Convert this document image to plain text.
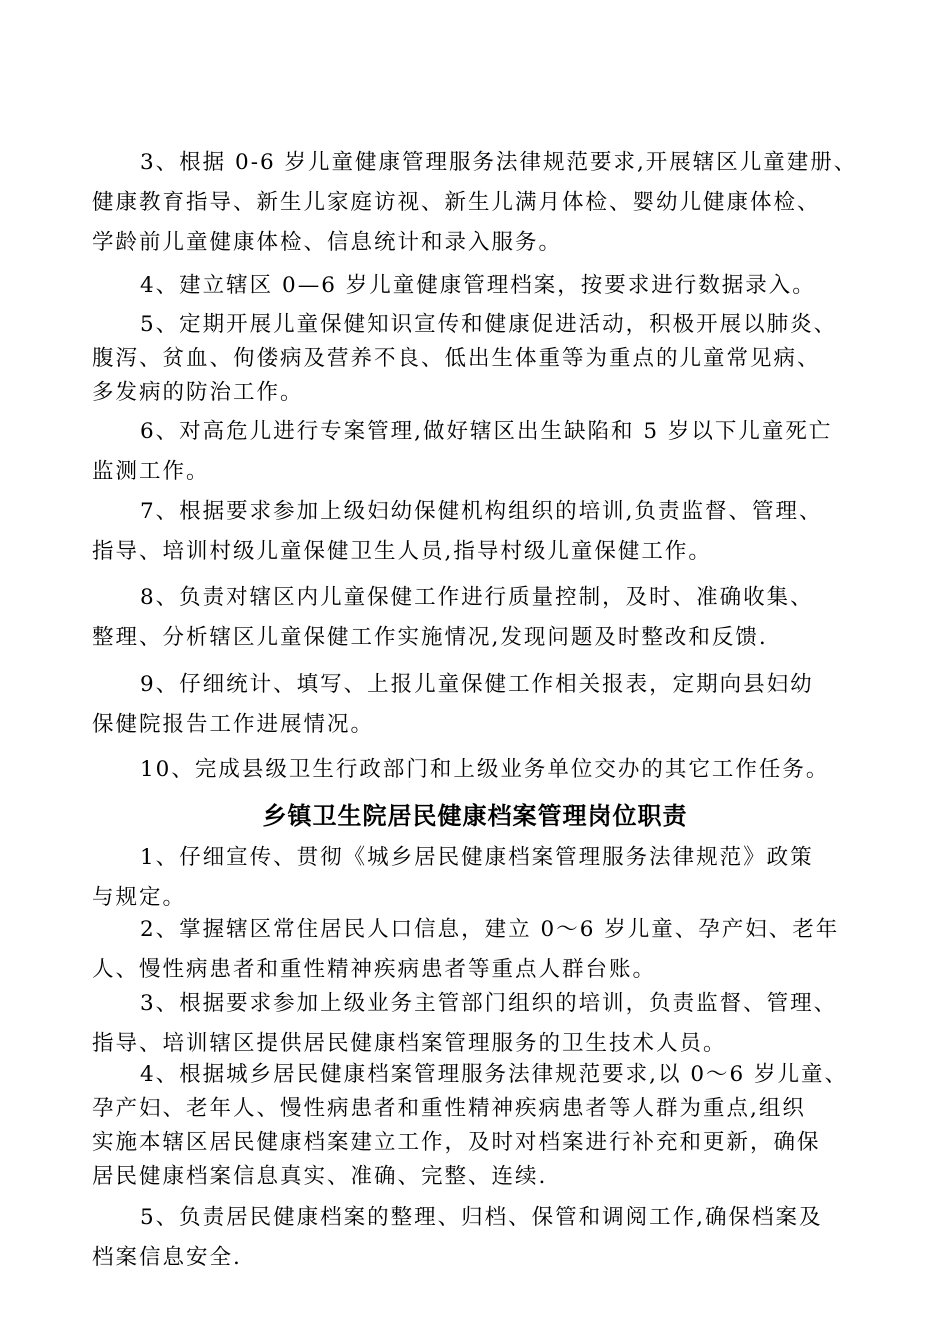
3、根据 0-6 岁儿童健康管理服务法律规范要求,开展辖区儿童建册、
健康教育指导、新生儿家庭访视、新生儿满月体检、婴幼儿健康体检、
学龄前儿童健康体检、信息统计和录入服务。
4、建立辖区 0—6 岁儿童健康管理档案，按要求进行数据录入。
5、定期开展儿童保健知识宣传和健康促进活动，积极开展以肺炎、
腹泻、贫血、佝偻病及营养不良、低出生体重等为重点的儿童常见病、
多发病的防治工作。
6、对高危儿进行专案管理,做好辖区出生缺陷和 5 岁以下儿童死亡
监测工作。
7、根据要求参加上级妇幼保健机构组织的培训,负责监督、管理、
指导、培训村级儿童保健卫生人员,指导村级儿童保健工作。
8、负责对辖区内儿童保健工作进行质量控制，及时、准确收集、
整理、分析辖区儿童保健工作实施情况,发现问题及时整改和反馈.
9、仔细统计、填写、上报儿童保健工作相关报表，定期向县妇幼
保健院报告工作进展情况。
10、完成县级卫生行政部门和上级业务单位交办的其它工作任务。
乡镇卫生院居民健康档案管理岗位职责
1、仔细宣传、贯彻《城乡居民健康档案管理服务法律规范》政策
与规定。
2、掌握辖区常住居民人口信息，建立 0～6 岁儿童、孕产妇、老年
人、慢性病患者和重性精神疾病患者等重点人群台账。
3、根据要求参加上级业务主管部门组织的培训，负责监督、管理、
指导、培训辖区提供居民健康档案管理服务的卫生技术人员。
4、根据城乡居民健康档案管理服务法律规范要求,以 0～6 岁儿童、
孕产妇、老年人、慢性病患者和重性精神疾病患者等人群为重点,组织
实施本辖区居民健康档案建立工作，及时对档案进行补充和更新，确保
居民健康档案信息真实、准确、完整、连续.
5、负责居民健康档案的整理、归档、保管和调阅工作,确保档案及
档案信息安全.
